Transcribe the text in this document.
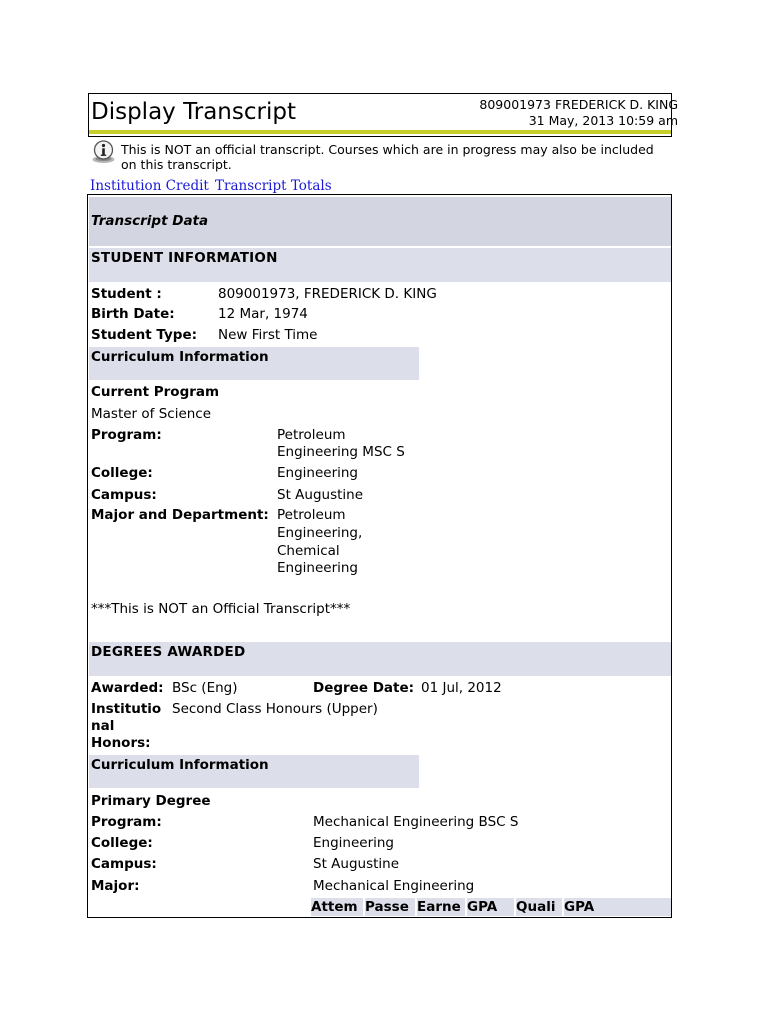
Display Transcript	809001973 FREDERICK D. KING
31 May, 2013 10:59 am
This is NOT an official transcript. Courses which are in progress may also be included on this transcript.
Institution Credit Transcript Totals
Transcript Data
STUDENT INFORMATION
Student :	809001973, FREDERICK D. KING
Birth Date:	12 Mar, 1974
Student Type: New First Time
Curriculum Information
Current Program
Master of Science
Program:	Petroleum
Engineering MSC S
College:	Engineering
Campus:	St Augustine
Major and Department: Petroleum
Engineering,
Chemical
Engineering
***This is NOT an Official Transcript***
DEGREES AWARDED
Awarded: BSc (Eng)	Degree Date: 01 Jul, 2012
Institutio
nal
Honors:
Second Class Honours (Upper)
Curriculum Information
Primary Degree
Program:	Mechanical Engineering BSC S
College:	Engineering
Campus:	St Augustine
Major:	Mechanical Engineering
Attem Passe Earne GPA	Quali GPA
